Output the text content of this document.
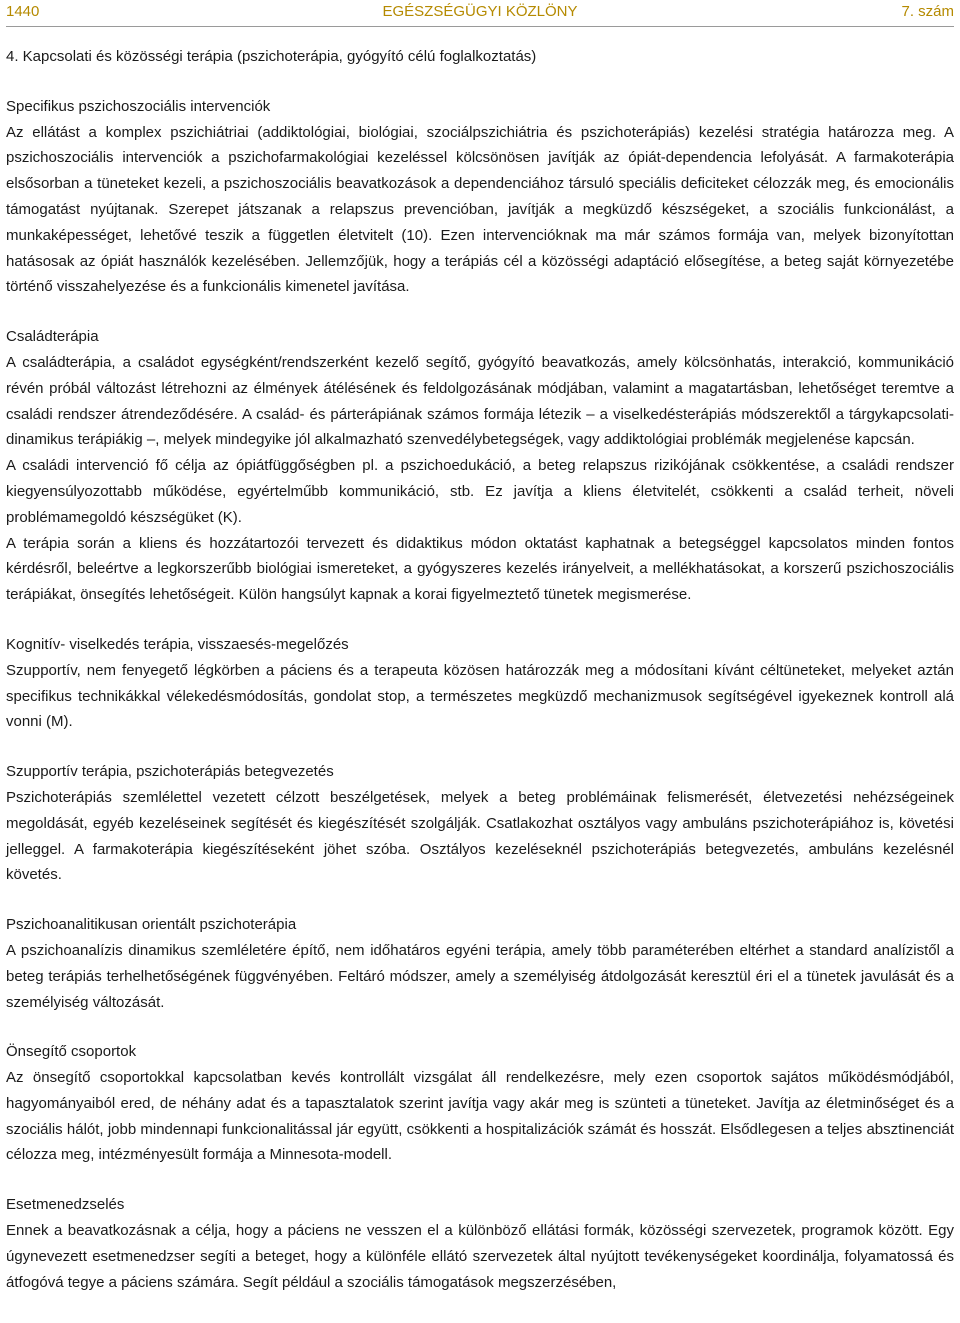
1440	EGÉSZSÉGÜGYI KÖZLÖNY	7. szám

4. Kapcsolati és közösségi terápia (pszichoterápia, gyógyító célú foglalkoztatás)

Specifikus pszichoszociális intervenciók

Az ellátást a komplex pszichiátriai (addiktológiai, biológiai, szociálpszichiátria és pszichoterápiás) kezelési stratégia határozza meg. A pszichoszociális intervenciók a pszichofarmakológiai kezeléssel kölcsönösen javítják az ópiát-dependencia lefolyását. A farmakoterápia elsősorban a tüneteket kezeli, a pszichoszociális beavatkozások a dependenciához társuló speciális deficiteket célozzák meg, és emocionális támogatást nyújtanak. Szerepet játszanak a relapszus prevencióban, javítják a megküzdő készségeket, a szociális funkcionálást, a munkaképességet, lehetővé teszik a független életvitelt (10). Ezen intervencióknak ma már számos formája van, melyek bizonyítottan hatásosak az ópiát használók kezelésében. Jellemzőjük, hogy a terápiás cél a közösségi adaptáció elősegítése, a beteg saját környezetébe történő visszahelyezése és a funkcionális kimenetel javítása.

Családterápia

A családterápia, a családot egységként/rendszerként kezelő segítő, gyógyító beavatkozás, amely kölcsönhatás, interakció, kommunikáció révén próbál változást létrehozni az élmények átélésének és feldolgozásának módjában, valamint a magatartásban, lehetőséget teremtve a családi rendszer átrendeződésére. A család- és párterápiának számos formája létezik – a viselkedésterápiás módszerektől a tárgykapcsolati-dinamikus terápiákig –, melyek mindegyike jól alkalmazható szenvedélybetegségek, vagy addiktológiai problémák megjelenése kapcsán.

A családi intervenció fő célja az ópiátfüggőségben pl. a pszichoedukáció, a beteg relapszus rizikójának csökkentése, a családi rendszer kiegyensúlyozottabb működése, egyértelműbb kommunikáció, stb. Ez javítja a kliens életvitelét, csökkenti a család terheit, növeli problémamegoldó készségüket (K).

A terápia során a kliens és hozzátartozói tervezett és didaktikus módon oktatást kaphatnak a betegséggel kapcsolatos minden fontos kérdésről, beleértve a legkorszerűbb biológiai ismereteket, a gyógyszeres kezelés irányelveit, a mellékhatásokat, a korszerű pszichoszociális terápiákat, önsegítés lehetőségeit. Külön hangsúlyt kapnak a korai figyelmeztető tünetek megismerése.

Kognitív- viselkedés terápia, visszaesés-megelőzés

Szupportív, nem fenyegető légkörben a páciens és a terapeuta közösen határozzák meg a módosítani kívánt céltüneteket, melyeket aztán specifikus technikákkal vélekedésmódosítás, gondolat stop, a természetes megküzdő mechanizmusok segítségével igyekeznek kontroll alá vonni (M).

Szupportív terápia, pszichoterápiás betegvezetés

Pszichoterápiás szemlélettel vezetett célzott beszélgetések, melyek a beteg problémáinak felismerését, életvezetési nehézségeinek megoldását, egyéb kezeléseinek segítését és kiegészítését szolgálják. Csatlakozhat osztályos vagy ambuláns pszichoterápiához is, követési jelleggel. A farmakoterápia kiegészítéseként jöhet szóba. Osztályos kezeléseknél pszichoterápiás betegvezetés, ambuláns kezelésnél követés.

Pszichoanalitikusan orientált pszichoterápia

A pszichoanalízis dinamikus szemléletére építő, nem időhatáros egyéni terápia, amely több paraméterében eltérhet a standard analízistől a beteg terápiás terhelhetőségének függvényében. Feltáró módszer, amely a személyiség átdolgozását keresztül éri el a tünetek javulását és a személyiség változását.

Önsegítő csoportok

Az önsegítő csoportokkal kapcsolatban kevés kontrollált vizsgálat áll rendelkezésre, mely ezen csoportok sajátos működésmódjából, hagyományaiból ered, de néhány adat és a tapasztalatok szerint javítja vagy akár meg is szünteti a tüneteket. Javítja az életminőséget és a szociális hálót, jobb mindennapi funkcionalitással jár együtt, csökkenti a hospitalizációk számát és hosszát. Elsődlegesen a teljes absztinenciát célozza meg, intézményesült formája a Minnesota-modell.

Esetmenedzselés

Ennek a beavatkozásnak a célja, hogy a páciens ne vesszen el a különböző ellátási formák, közösségi szervezetek, programok között. Egy úgynevezett esetmenedzser segíti a beteget, hogy a különféle ellátó szervezetek által nyújtott tevékenységeket koordinálja, folyamatossá és átfogóvá tegye a páciens számára. Segít például a szociális támogatások megszerzésében,
